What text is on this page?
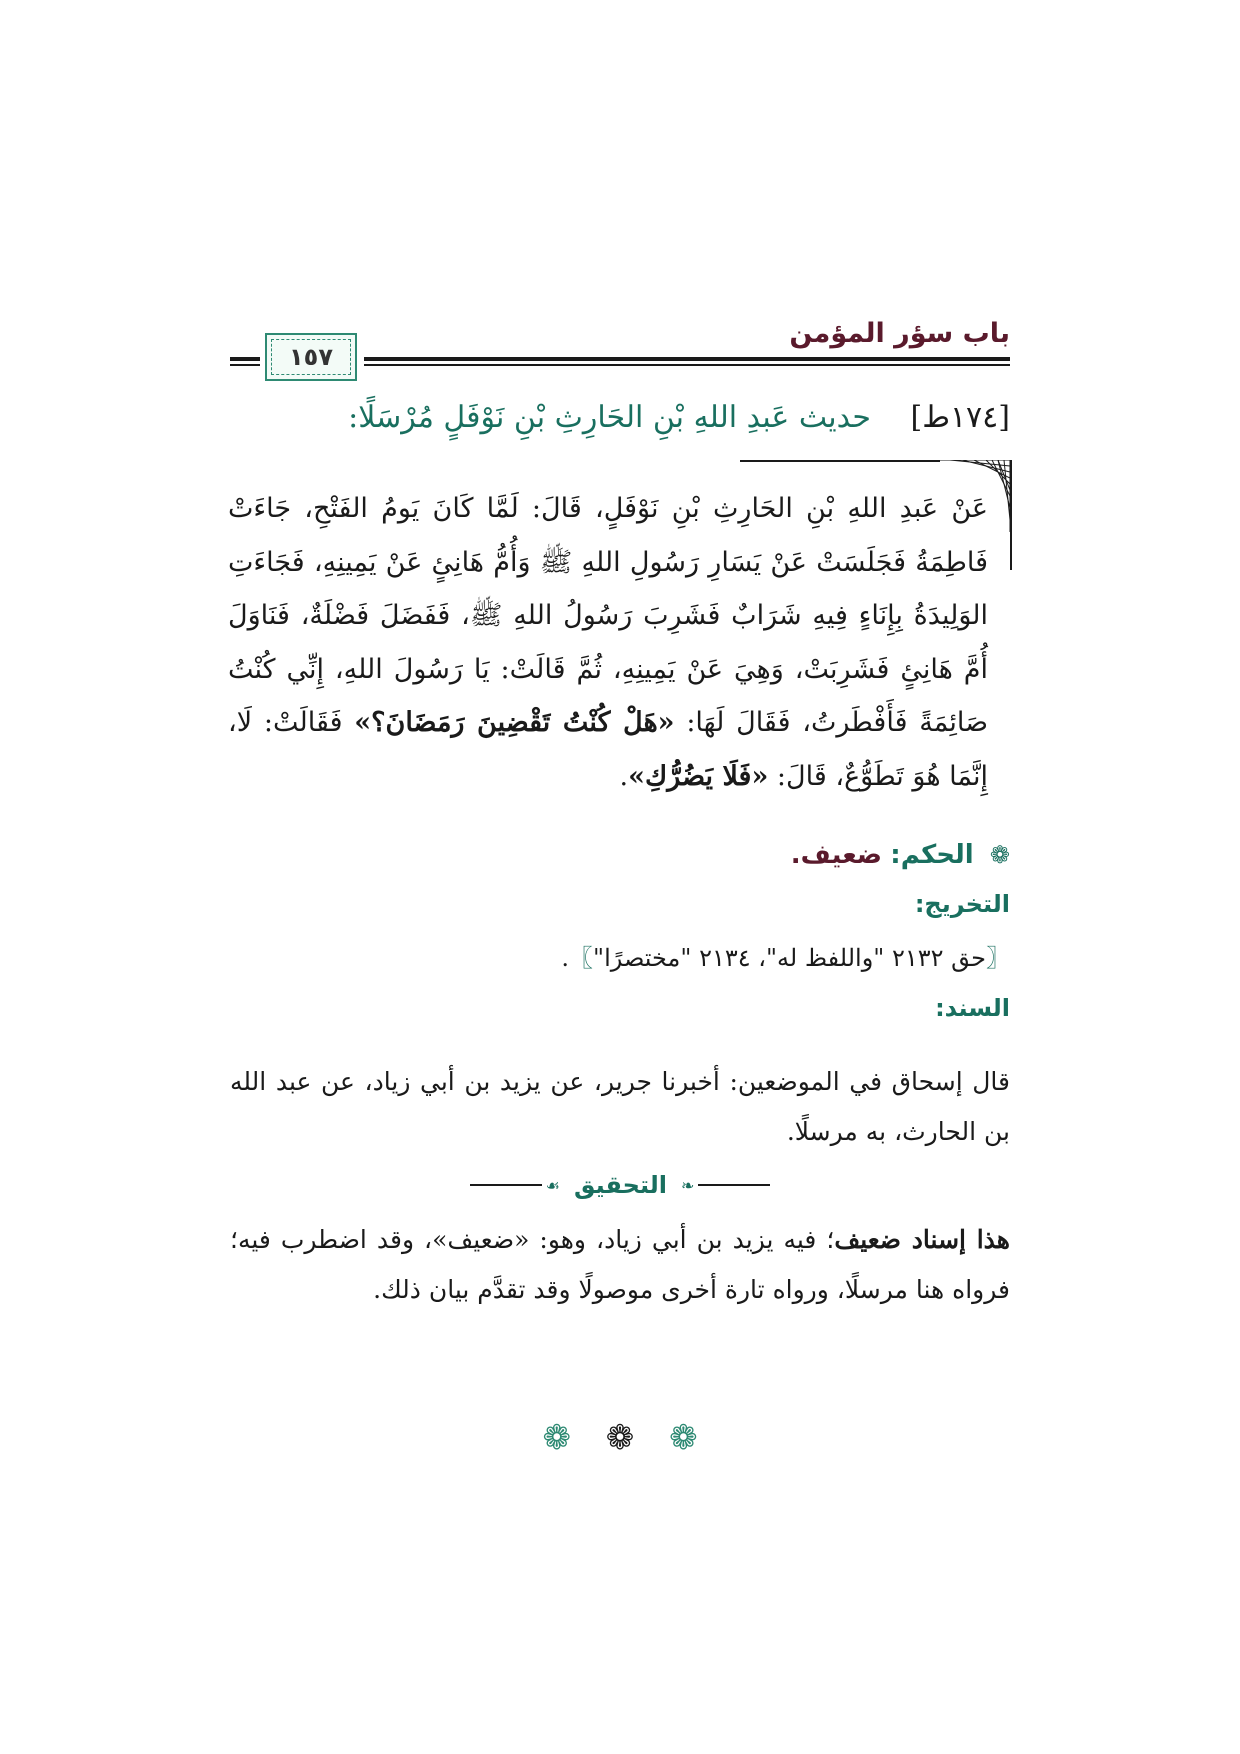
باب سؤر المؤمن
١٥٧
[١٧٤ط] حديث عَبدِ اللهِ بْنِ الحَارِثِ بْنِ نَوْفَلٍ مُرْسَلًا:
عَنْ عَبدِ اللهِ بْنِ الحَارِثِ بْنِ نَوْفَلٍ، قَالَ: لَمَّا كَانَ يَومُ الفَتْحِ، جَاءَتْ فَاطِمَةُ فَجَلَسَتْ عَنْ يَسَارِ رَسُولِ اللهِ ﷺ وَأُمُّ هَانِئٍ عَنْ يَمِينِهِ، فَجَاءَتِ الوَلِيدَةُ بِإِنَاءٍ فِيهِ شَرَابٌ فَشَرِبَ رَسُولُ اللهِ ﷺ، فَفَضَلَ فَضْلَةٌ، فَنَاوَلَ أُمَّ هَانِئٍ فَشَرِبَتْ، وَهِيَ عَنْ يَمِينِهِ، ثُمَّ قَالَتْ: يَا رَسُولَ اللهِ، إِنِّي كُنْتُ صَائِمَةً فَأَفْطَرتُ، فَقَالَ لَهَا: «هَلْ كُنْتُ تَقْضِينَ رَمَضَانَ؟» فَقَالَتْ: لَا، إِنَّمَا هُوَ تَطَوُّعٌ، قَالَ: «فَلَا يَضُرُّكِ».
❁ الحكم: ضعيف.
التخريج:
〖حق ٢١٣٢ "واللفظ له"، ٢١٣٤ "مختصرًا"〗.
السند:
قال إسحاق في الموضعين: أخبرنا جرير، عن يزيد بن أبي زياد، عن عبد الله بن الحارث، به مرسلًا.
❧
التحقيق
☙
هذا إسناد ضعيف؛ فيه يزيد بن أبي زياد، وهو: «ضعيف»، وقد اضطرب فيه؛ فرواه هنا مرسلًا، ورواه تارة أخرى موصولًا وقد تقدَّم بيان ذلك.
❁ ❁ ❁
